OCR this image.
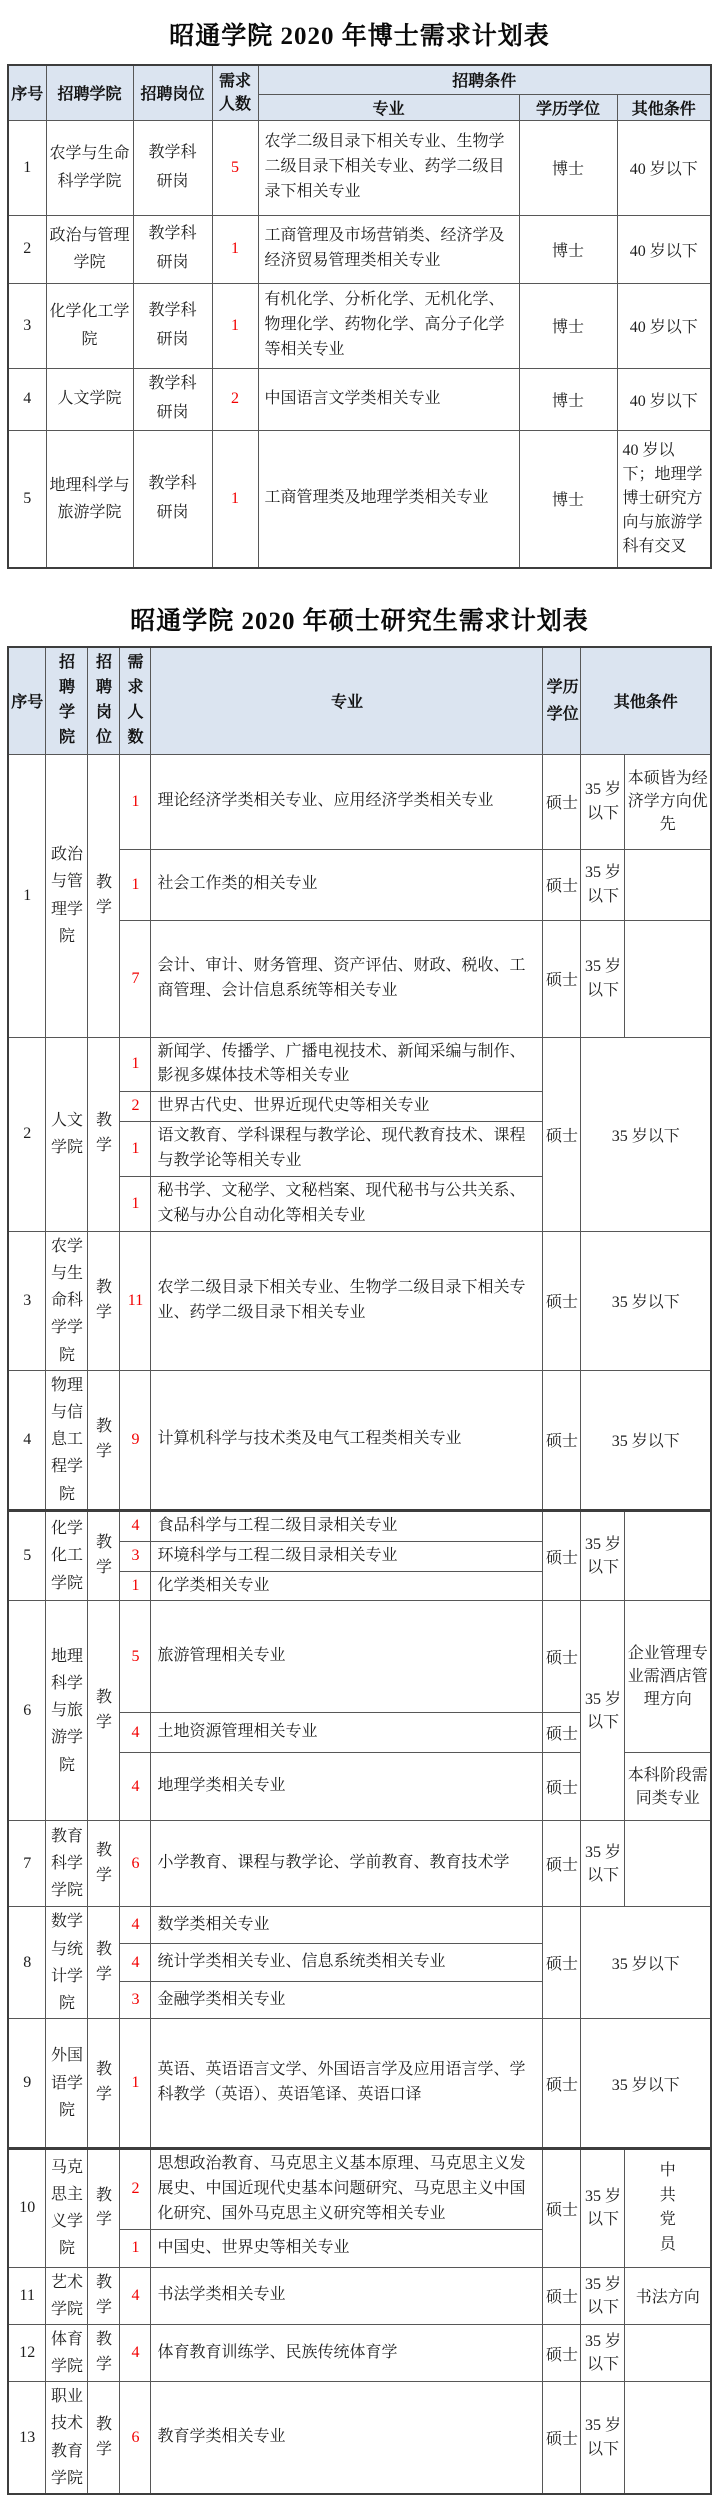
昭通学院 2020 年博士需求计划表
序号	招聘学院	招聘岗位	需求人数	招聘条件		
				专业	学历学位	其他条件
1	农学与生命科学学院	教学科研岗	5	农学二级目录下相关专业、生物学二级目录下相关专业、药学二级目录下相关专业	博士	40 岁以下
2	政治与管理学院	教学科研岗	1	工商管理及市场营销类、经济学及经济贸易管理类相关专业	博士	40 岁以下
3	化学化工学院	教学科研岗	1	有机化学、分析化学、无机化学、物理化学、药物化学、高分子化学等相关专业	博士	40 岁以下
4	人文学院	教学科研岗	2	中国语言文学类相关专业	博士	40 岁以下
5	地理科学与旅游学院	教学科研岗	1	工商管理类及地理学类相关专业	博士	40 岁以下；地理学博士研究方向与旅游学科有交叉
昭通学院 2020 年硕士研究生需求计划表
序号	招聘学院	招聘岗位	需求人数	专业	学历学位	其他条件	
1	政治与管理学院	教学	1	理论经济学类相关专业、应用经济学类相关专业	硕士	35 岁以下	本硕皆为经济学方向优先
			1	社会工作类的相关专业	硕士	35 岁以下	
			7	会计、审计、财务管理、资产评估、财政、税收、工商管理、会计信息系统等相关专业	硕士	35 岁以下	
2	人文学院	教学	1	新闻学、传播学、广播电视技术、新闻采编与制作、影视多媒体技术等相关专业	硕士	35 岁以下	
			2	世界古代史、世界近现代史等相关专业			
			1	语文教育、学科课程与教学论、现代教育技术、课程与教学论等相关专业			
			1	秘书学、文秘学、文秘档案、现代秘书与公共关系、文秘与办公自动化等相关专业			
3	农学与生命科学学院	教学	11	农学二级目录下相关专业、生物学二级目录下相关专业、药学二级目录下相关专业	硕士	35 岁以下	
4	物理与信息工程学院	教学	9	计算机科学与技术类及电气工程类相关专业	硕士	35 岁以下	
5	化学化工学院	教学	4	食品科学与工程二级目录相关专业	硕士	35 岁以下	
			3	环境科学与工程二级目录相关专业			
			1	化学类相关专业			
6	地理科学与旅游学院	教学	5	旅游管理相关专业	硕士	35 岁以下	企业管理专业需酒店管理方向
			4	土地资源管理相关专业	硕士		
			4	地理学类相关专业	硕士		本科阶段需同类专业
7	教育科学学院	教学	6	小学教育、课程与教学论、学前教育、教育技术学	硕士	35 岁以下	
8	数学与统计学院	教学	4	数学类相关专业	硕士	35 岁以下	
			4	统计学类相关专业、信息系统类相关专业			
			3	金融学类相关专业			
9	外国语学院	教学	1	英语、英语语言文学、外国语言学及应用语言学、学科教学（英语）、英语笔译、英语口译	硕士	35 岁以下	
10	马克思主义学院	教学	2	思想政治教育、马克思主义基本原理、马克思主义发展史、中国近现代史基本问题研究、马克思主义中国化研究、国外马克思主义研究等相关专业	硕士	35 岁以下	中共党员
			1	中国史、世界史等相关专业			
11	艺术学院	教学	4	书法学类相关专业	硕士	35 岁以下	书法方向
12	体育学院	教学	4	体育教育训练学、民族传统体育学	硕士	35 岁以下	
13	职业技术教育学院	教学	6	教育学类相关专业	硕士	35 岁以下	
